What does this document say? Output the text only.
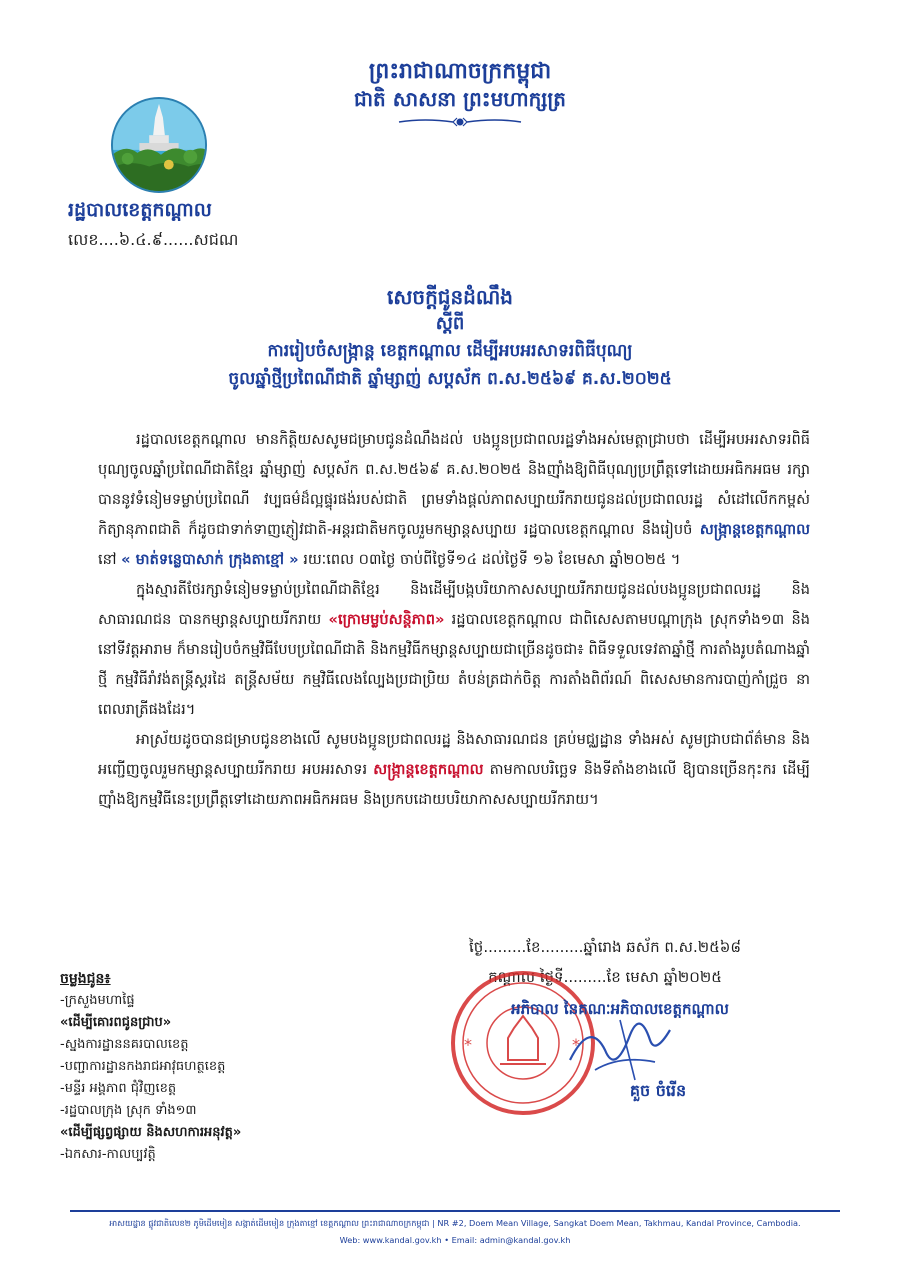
ព្រះរាជាណាចក្រកម្ពុជា
ជាតិ សាសនា ព្រះមហាក្សត្រ
រដ្ឋបាលខេត្តកណ្ដាល
លេខ....៦.៤.៩......សជណ
សេចក្ដីជូនដំណឹង
ស្ដីពី
ការរៀបចំសង្ក្រាន្ត ខេត្តកណ្ដាល ដើម្បីអបអរសាទរពិធីបុណ្យ
ចូលឆ្នាំថ្មីប្រពៃណីជាតិ ឆ្នាំម្សាញ់ សប្តស័ក ព.ស.២៥៦៩ គ.ស.២០២៥

រដ្ឋបាលខេត្តកណ្ដាល មានកិត្តិយសសូមជម្រាបជូនដំណឹងដល់ បងប្អូនប្រជាពលរដ្ឋទាំងអស់មេត្តាជ្រាបថា ដើម្បីអបអរសាទរពិធីបុណ្យចូលឆ្នាំប្រពៃណីជាតិខ្មែរ ឆ្នាំម្សាញ់ សប្តស័ក ព.ស.២៥៦៩ គ.ស.២០២៥ និងញ៉ាំងឱ្យពិធីបុណ្យប្រព្រឹត្តទៅដោយអធិកអធម រក្សាបាននូវទំនៀមទម្លាប់ប្រពៃណី វប្បធម៌ដ៏ល្អផ្ទុរផង់របស់ជាតិ ព្រមទាំងផ្ដល់ភាពសប្បាយរីករាយជូនដល់ប្រជាពលរដ្ឋ សំដៅលើកកម្ពស់កិត្យានុភាពជាតិ ក៏ដូចជាទាក់ទាញភ្ញៀវជាតិ-អន្តរជាតិមកចូលរួមកម្សាន្តសប្បាយ រដ្ឋបាលខេត្តកណ្ដាល នឹងរៀបចំ សង្ក្រាន្តខេត្តកណ្ដាល នៅ « មាត់ទន្លេបាសាក់ ក្រុងតាខ្មៅ » រយៈពេល ០៣ថ្ងៃ ចាប់ពីថ្ងៃទី១៤ ដល់ថ្ងៃទី ១៦ ខែមេសា ឆ្នាំ២០២៥ ។

ក្នុងស្មារតីថែរក្សាទំនៀមទម្លាប់ប្រពៃណីជាតិខ្មែរ និងដើម្បីបង្កបរិយាកាសសប្បាយរីករាយជូនដល់បងប្អូនប្រជាពលរដ្ឋ និងសាធារណជន បានកម្សាន្តសប្បាយរីករាយ «ក្រោមម្លប់សន្តិភាព» រដ្ឋបាលខេត្តកណ្ដាល ជាពិសេសតាមបណ្ដាក្រុង ស្រុកទាំង១៣ និងនៅទីវត្តអារាម ក៏មានរៀបចំកម្មវិធីបែបប្រពៃណីជាតិ និងកម្មវិធីកម្សាន្តសប្បាយជាច្រើនដូចជា៖ ពិធីទទួលទេវតាឆ្នាំថ្មី ការតាំងរូបតំណាងឆ្នាំថ្មី កម្មវិធីរាំវង់តន្ត្រីស្គរដៃ តន្ត្រីសម័យ កម្មវិធីលេងល្បែងប្រជាប្រិយ តំបន់ត្រជាក់ចិត្ត ការតាំងពិព័រណ៍ ពិសេសមានការបាញ់កាំជ្រួច នាពេលរាត្រីផងដែរ។

អាស្រ័យដូចបានជម្រាបជូនខាងលើ សូមបងប្អូនប្រជាពលរដ្ឋ និងសាធារណជន គ្រប់មជ្ឈដ្ឋាន ទាំងអស់ សូមជ្រាបជាព័ត៌មាន និងអញ្ជើញចូលរួមកម្សាន្តសប្បាយរីករាយ អបអរសាទរ សង្ក្រាន្តខេត្តកណ្ដាល តាមកាលបរិច្ឆេទ និងទីតាំងខាងលើ ឱ្យបានច្រើនកុះករ ដើម្បីញ៉ាំងឱ្យកម្មវិធីនេះប្រព្រឹត្តទៅដោយភាពអធិកអធម និងប្រកបដោយបរិយាកាសសប្បាយរីករាយ។

ថ្ងៃ.........ខែ.........ឆ្នាំរោង ឆស័ក ព.ស.២៥៦៨
កណ្ដាល ថ្ងៃទី.........ខែ មេសា ឆ្នាំ២០២៥
*	*
អភិបាល នៃគណៈអភិបាលខេត្តកណ្ដាល
គួច ចំរើន
ចម្លងជូន៖
-ក្រសួងមហាផ្ទៃ
«ដើម្បីគោរពជូនជ្រាប»
-ស្នងការដ្ឋាននគរបាលខេត្ត
-បញ្ជាការដ្ឋានកងរាជអាវុធហត្ថខេត្ត
-មន្ទីរ អង្គភាព ជុំវិញខេត្ត
-រដ្ឋបាលក្រុង ស្រុក ទាំង១៣
«ដើម្បីផ្សព្វផ្សាយ និងសហការអនុវត្ត»
-ឯកសារ-កាលប្បវត្តិ
អាសយដ្ឋាន ផ្លូវជាតិលេខ២ ភូមិដើមមៀន សង្កាត់ដើមមៀន ក្រុងតាខ្មៅ ខេត្តកណ្ដាល ព្រះរាជាណាចក្រកម្ពុជា | NR #2, Doem Mean Village, Sangkat Doem Mean, Takhmau, Kandal Province, Cambodia.
Web: www.kandal.gov.kh • Email: admin@kandal.gov.kh
